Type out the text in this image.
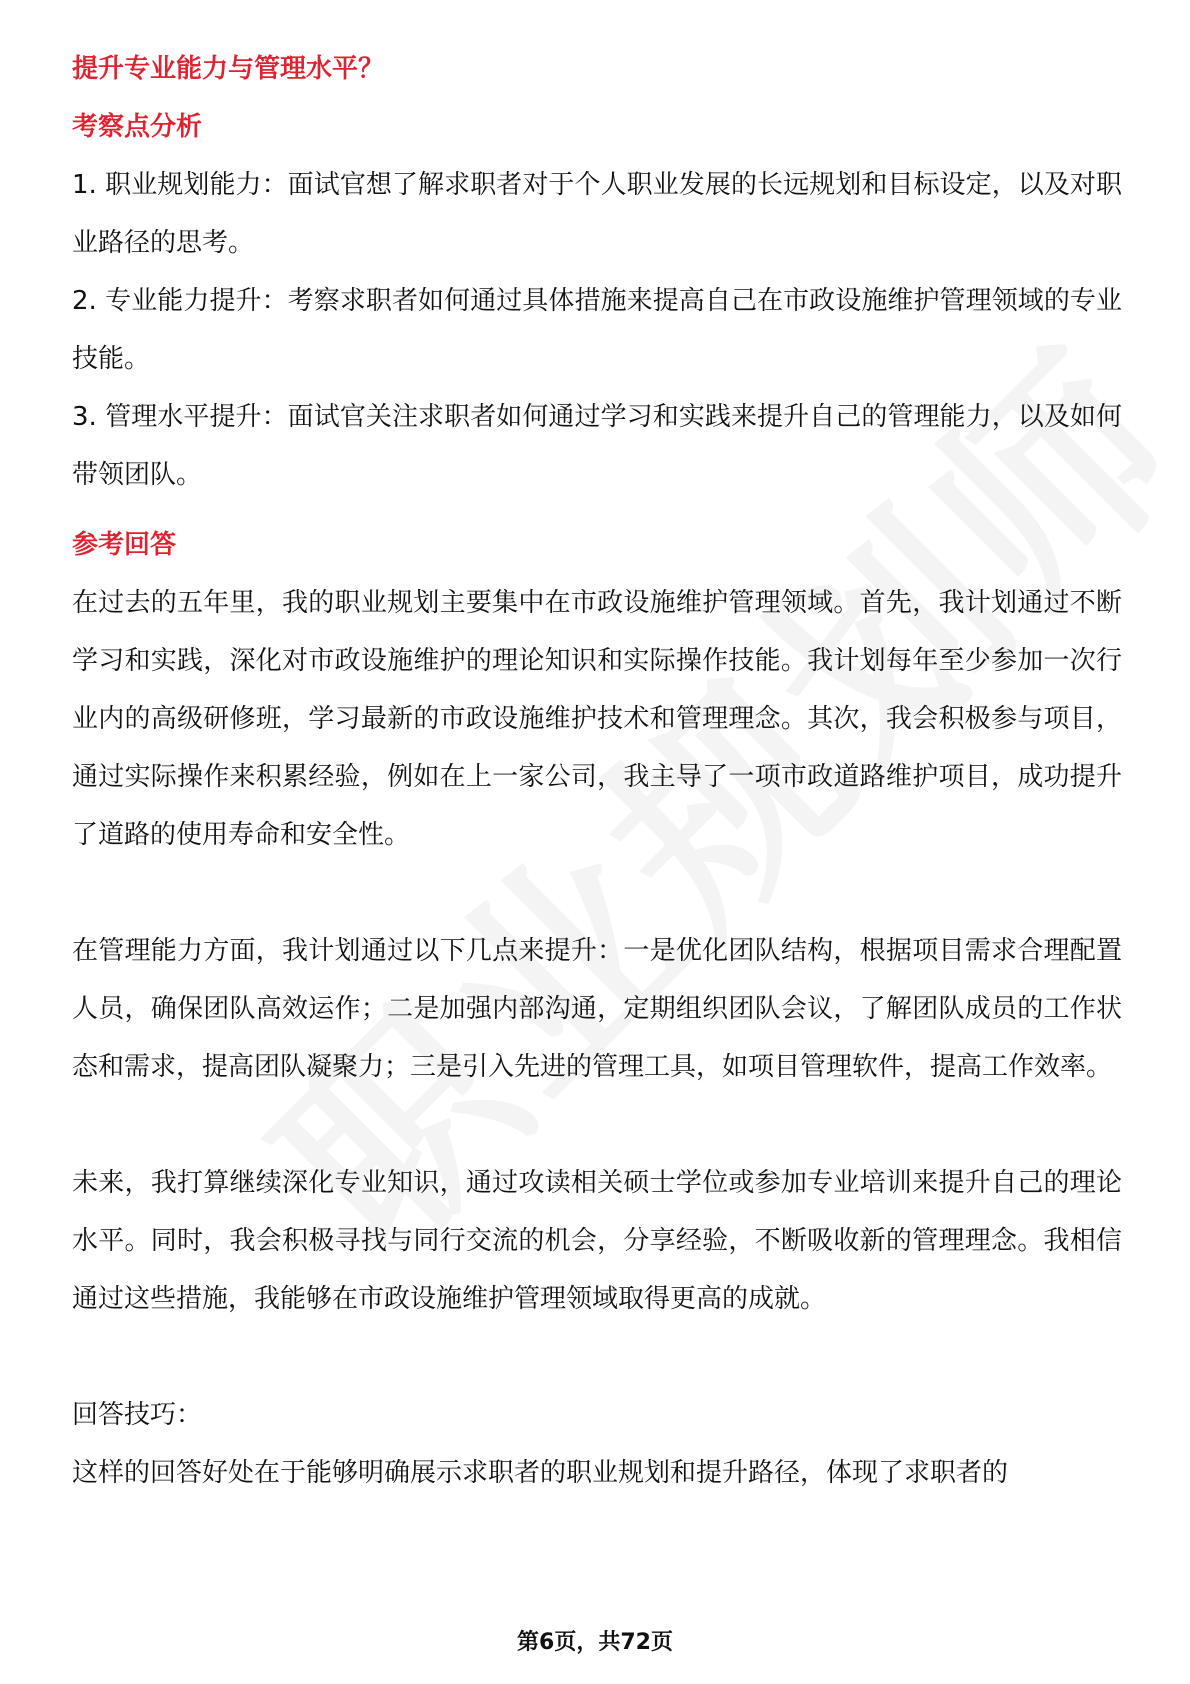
提升专业能力与管理水平？

考察点分析

1. 职业规划能力：面试官想了解求职者对于个人职业发展的长远规划和目标设定，以及对职业路径的思考。

2. 专业能力提升：考察求职者如何通过具体措施来提高自己在市政设施维护管理领域的专业技能。

3. 管理水平提升：面试官关注求职者如何通过学习和实践来提升自己的管理能力，以及如何带领团队。

参考回答

在过去的五年里，我的职业规划主要集中在市政设施维护管理领域。首先，我计划通过不断学习和实践，深化对市政设施维护的理论知识和实际操作技能。我计划每年至少参加一次行业内的高级研修班，学习最新的市政设施维护技术和管理理念。其次，我会积极参与项目，通过实际操作来积累经验，例如在上一家公司，我主导了一项市政道路维护项目，成功提升了道路的使用寿命和安全性。

在管理能力方面，我计划通过以下几点来提升：一是优化团队结构，根据项目需求合理配置人员，确保团队高效运作；二是加强内部沟通，定期组织团队会议，了解团队成员的工作状态和需求，提高团队凝聚力；三是引入先进的管理工具，如项目管理软件，提高工作效率。

未来，我打算继续深化专业知识，通过攻读相关硕士学位或参加专业培训来提升自己的理论水平。同时，我会积极寻找与同行交流的机会，分享经验，不断吸收新的管理理念。我相信通过这些措施，我能够在市政设施维护管理领域取得更高的成就。

回答技巧：

这样的回答好处在于能够明确展示求职者的职业规划和提升路径，体现了求职者的

第6页，共72页
